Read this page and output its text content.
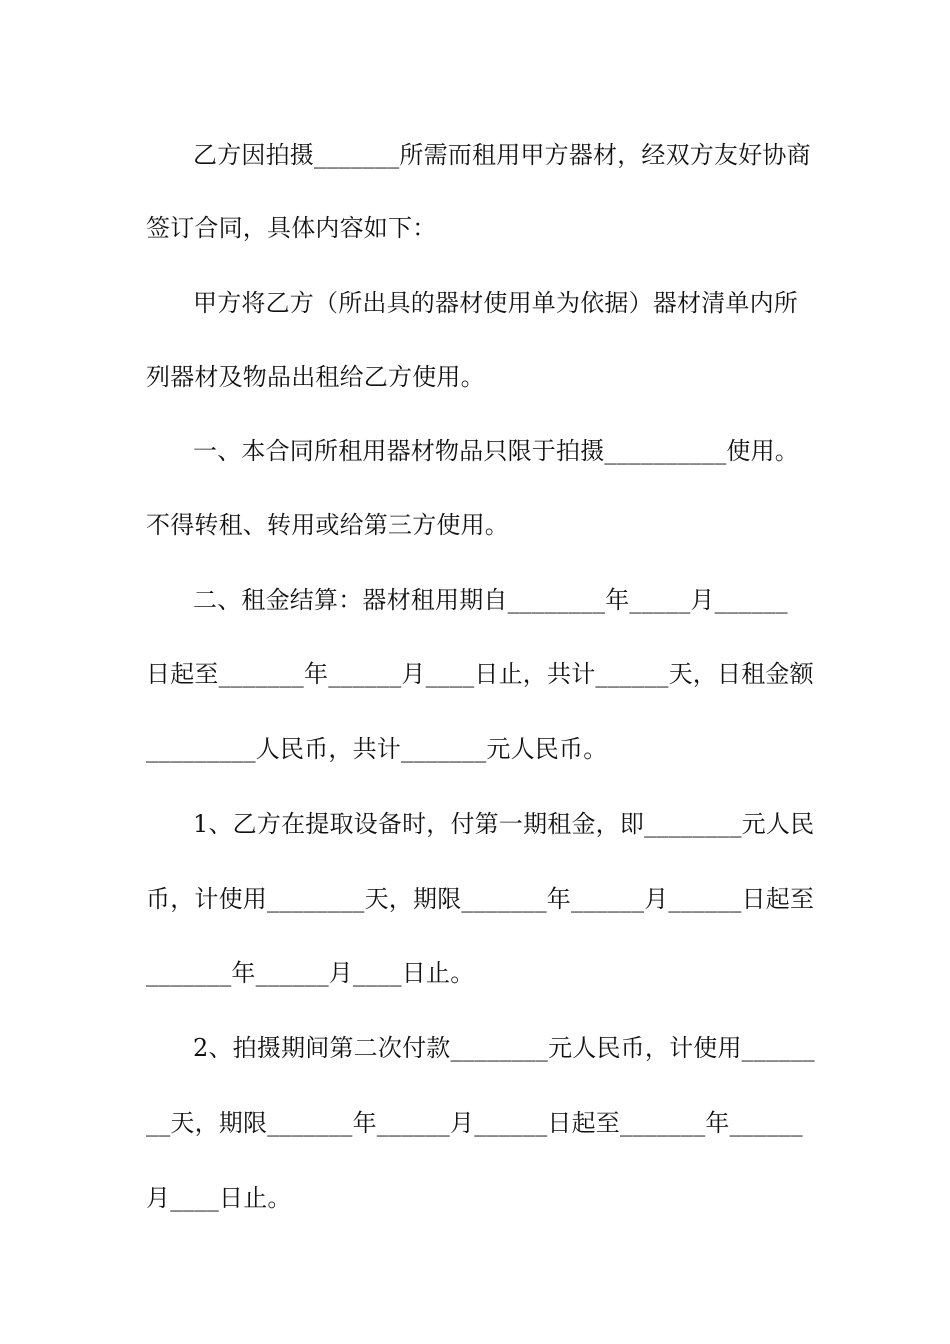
乙方因拍摄_______所需而租用甲方器材，经双方友好协商
签订合同，具体内容如下：
甲方将乙方（所出具的器材使用单为依据）器材清单内所
列器材及物品出租给乙方使用。
一、本合同所租用器材物品只限于拍摄__________使用。
不得转租、转用或给第三方使用。
二、租金结算：器材租用期自________年_____月______
日起至_______年______月____日止，共计______天，日租金额
_________人民币，共计_______元人民币。
1、乙方在提取设备时，付第一期租金，即________元人民
币，计使用________天，期限_______年______月______日起至
_______年______月____日止。
2、拍摄期间第二次付款________元人民币，计使用______
__天，期限_______年______月______日起至_______年______
月____日止。
